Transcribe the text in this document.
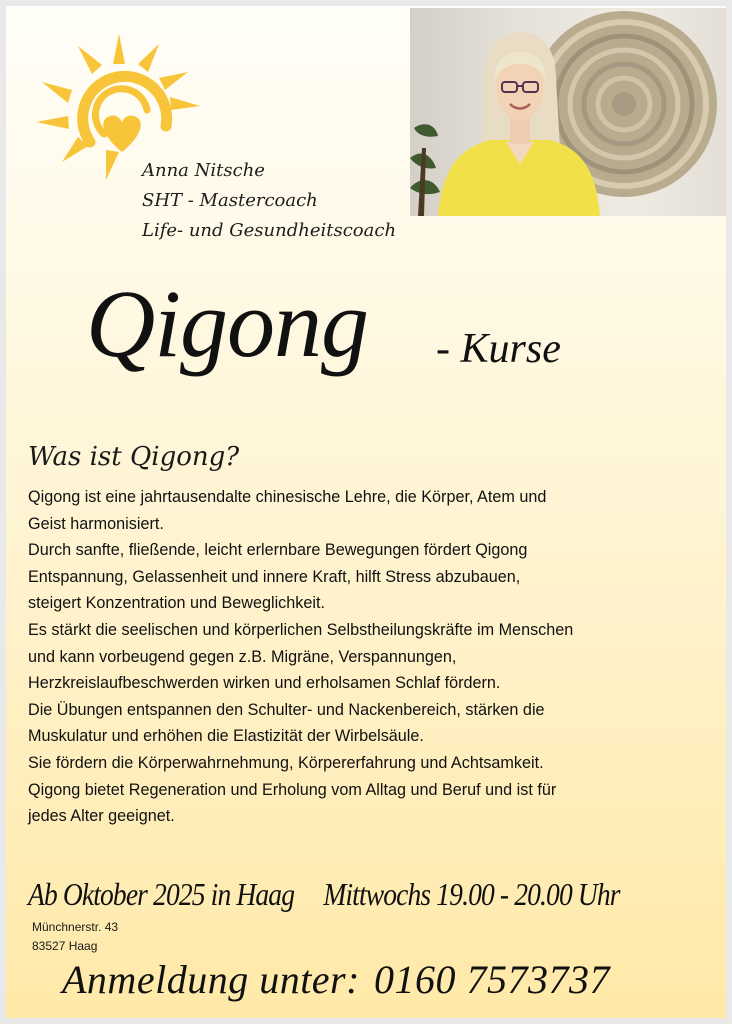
Anna Nitsche
SHT - Mastercoach
Life- und Gesundheitscoach
Qigong - Kurse
Was ist Qigong?
Qigong ist eine jahrtausendalte chinesische Lehre, die Körper, Atem und
Geist harmonisiert.
Durch sanfte, fließende, leicht erlernbare Bewegungen fördert Qigong
Entspannung, Gelassenheit und innere Kraft, hilft Stress abzubauen,
steigert Konzentration und Beweglichkeit.
Es stärkt die seelischen und körperlichen Selbstheilungskräfte im Menschen
und kann vorbeugend gegen z.B. Migräne, Verspannungen,
Herzkreislaufbeschwerden wirken und erholsamen Schlaf fördern.
Die Übungen entspannen den Schulter- und Nackenbereich, stärken die
Muskulatur und erhöhen die Elastizität der Wirbelsäule.
Sie fördern die Körperwahrnehmung, Körpererfahrung und Achtsamkeit.
Qigong bietet Regeneration und Erholung vom Alltag und Beruf und ist für
jedes Alter geeignet.
Ab Oktober 2025 in Haag Mittwochs 19.00 - 20.00 Uhr
Münchnerstr. 43
83527 Haag
Anmeldung unter: 0160 7573737
